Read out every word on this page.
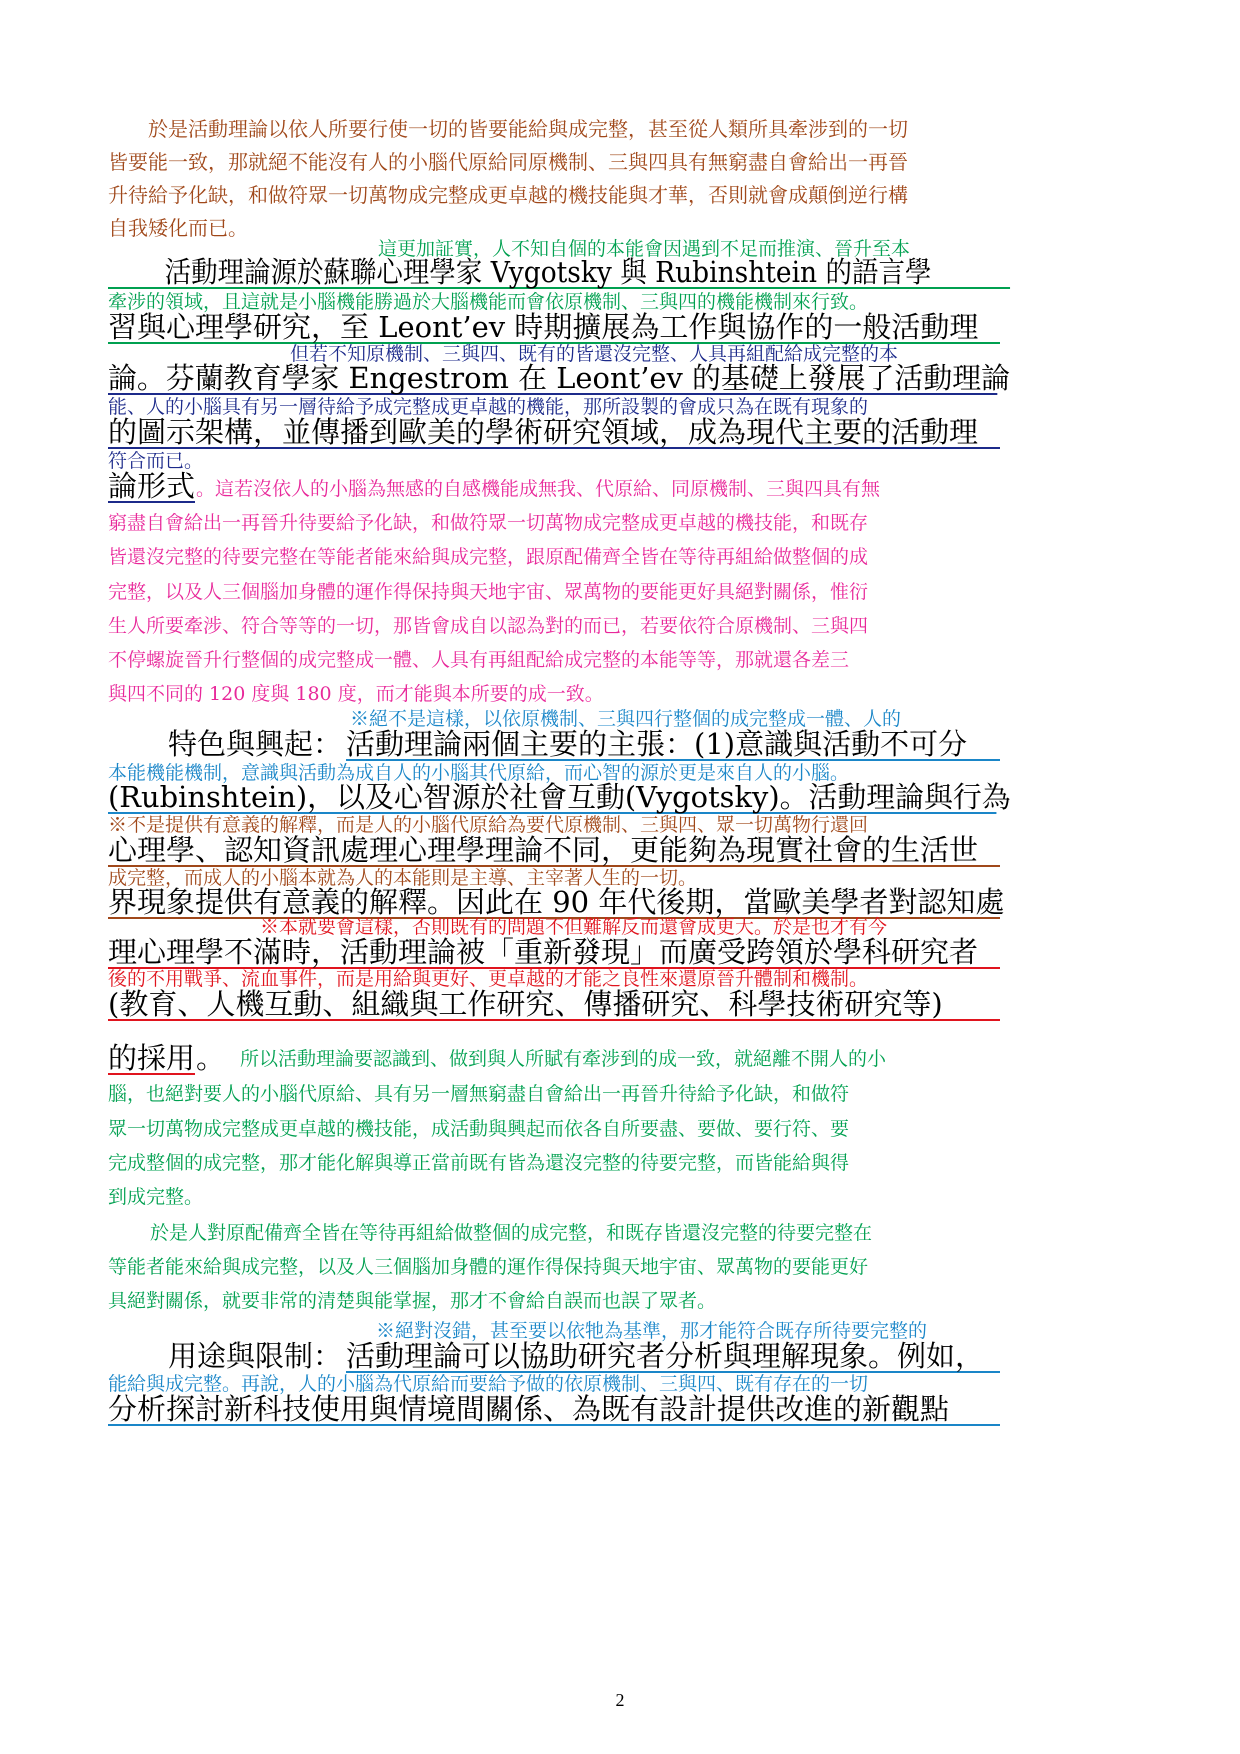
於是活動理論以依人所要行使一切的皆要能給與成完整，甚至從人類所具牽涉到的一切
皆要能一致，那就絕不能沒有人的小腦代原給同原機制、三與四具有無窮盡自會給出一再晉
升待給予化缺，和做符眾一切萬物成完整成更卓越的機技能與才華，否則就會成顛倒逆行構
自我矮化而已。
這更加証實，人不知自個的本能會因遇到不足而推演、晉升至本
活動理論源於蘇聯心理學家 Vygotsky 與 Rubinshtein 的語言學
牽涉的領域，且這就是小腦機能勝過於大腦機能而會依原機制、三與四的機能機制來行致。
習與心理學研究，至 Leont’ev 時期擴展為工作與協作的一般活動理
但若不知原機制、三與四、既有的皆還沒完整、人具再組配給成完整的本
論。芬蘭教育學家 Engestrom 在 Leont’ev 的基礎上發展了活動理論
能、人的小腦具有另一層待給予成完整成更卓越的機能，那所設製的會成只為在既有現象的
的圖示架構，並傳播到歐美的學術研究領域，成為現代主要的活動理
符合而已。
論形式 。這若沒依人的小腦為無感的自感機能成無我、代原給、同原機制、三與四具有無
窮盡自會給出一再晉升待要給予化缺，和做符眾一切萬物成完整成更卓越的機技能，和既存
皆還沒完整的待要完整在等能者能來給與成完整，跟原配備齊全皆在等待再組給做整個的成
完整，以及人三個腦加身體的運作得保持與天地宇宙、眾萬物的要能更好具絕對關係，惟衍
生人所要牽涉、符合等等的一切，那皆會成自以認為對的而已，若要依符合原機制、三與四
不停螺旋晉升行整個的成完整成一體、人具有再組配給成完整的本能等等，那就還各差三
與四不同的 120 度與 180 度，而才能與本所要的成一致。
※絕不是這樣，以依原機制、三與四行整個的成完整成一體、人的
特色與興起： 活動理論兩個主要的主張：(1)意識與活動不可分
本能機能機制，意識與活動為成自人的小腦其代原給，而心智的源於更是來自人的小腦。
(Rubinshtein)，以及心智源於社會互動(Vygotsky)。活動理論與行為
※不是提供有意義的解釋，而是人的小腦代原給為要代原機制、三與四、眾一切萬物行還回
心理學、認知資訊處理心理學理論不同，更能夠為現實社會的生活世
成完整，而成人的小腦本就為人的本能則是主導、主宰著人生的一切。
界現象提供有意義的解釋。因此在 90 年代後期，當歐美學者對認知處
※本就要會這樣，否則既有的問題不但難解反而還會成更大。於是也才有今
理心理學不滿時，活動理論被「重新發現」而廣受跨領於學科研究者
後的不用戰爭、流血事件，而是用給與更好、更卓越的才能之良性來還原晉升體制和機制。
(教育、人機互動、組織與工作研究、傳播研究、科學技術研究等)
的採用 。 所以活動理論要認識到、做到與人所賦有牽涉到的成一致，就絕離不開人的小
腦，也絕對要人的小腦代原給、具有另一層無窮盡自會給出一再晉升待給予化缺，和做符
眾一切萬物成完整成更卓越的機技能，成活動與興起而依各自所要盡、要做、要行符、要
完成整個的成完整，那才能化解與導正當前既有皆為還沒完整的待要完整，而皆能給與得
到成完整。
於是人對原配備齊全皆在等待再組給做整個的成完整，和既存皆還沒完整的待要完整在
等能者能來給與成完整，以及人三個腦加身體的運作得保持與天地宇宙、眾萬物的要能更好
具絕對關係，就要非常的清楚與能掌握，那才不會給自誤而也誤了眾者。
※絕對沒錯，甚至要以依牠為基準，那才能符合既存所待要完整的
用途與限制： 活動理論可以協助研究者分析與理解現象。例如，
能給與成完整。再說，人的小腦為代原給而要給予做的依原機制、三與四、既有存在的一切
分析探討新科技使用與情境間關係、為既有設計提供改進的新觀點
2
